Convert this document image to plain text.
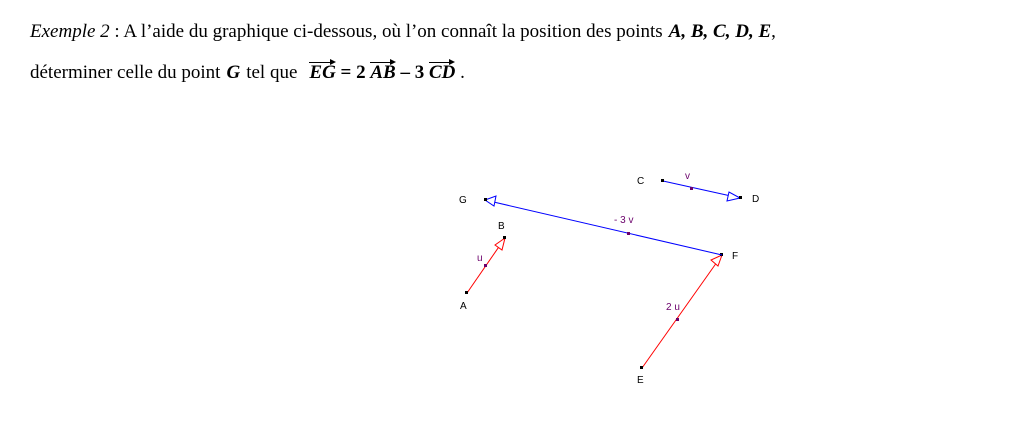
Exemple 2 : A l’aide du graphique ci-dessous, où l’on connaît la position des points A, B, C, D, E,
déterminer celle du point G tel que EG = 2 AB – 3 CD .
A
B
C
D
E
F
G
u
v
2 u
- 3 v
